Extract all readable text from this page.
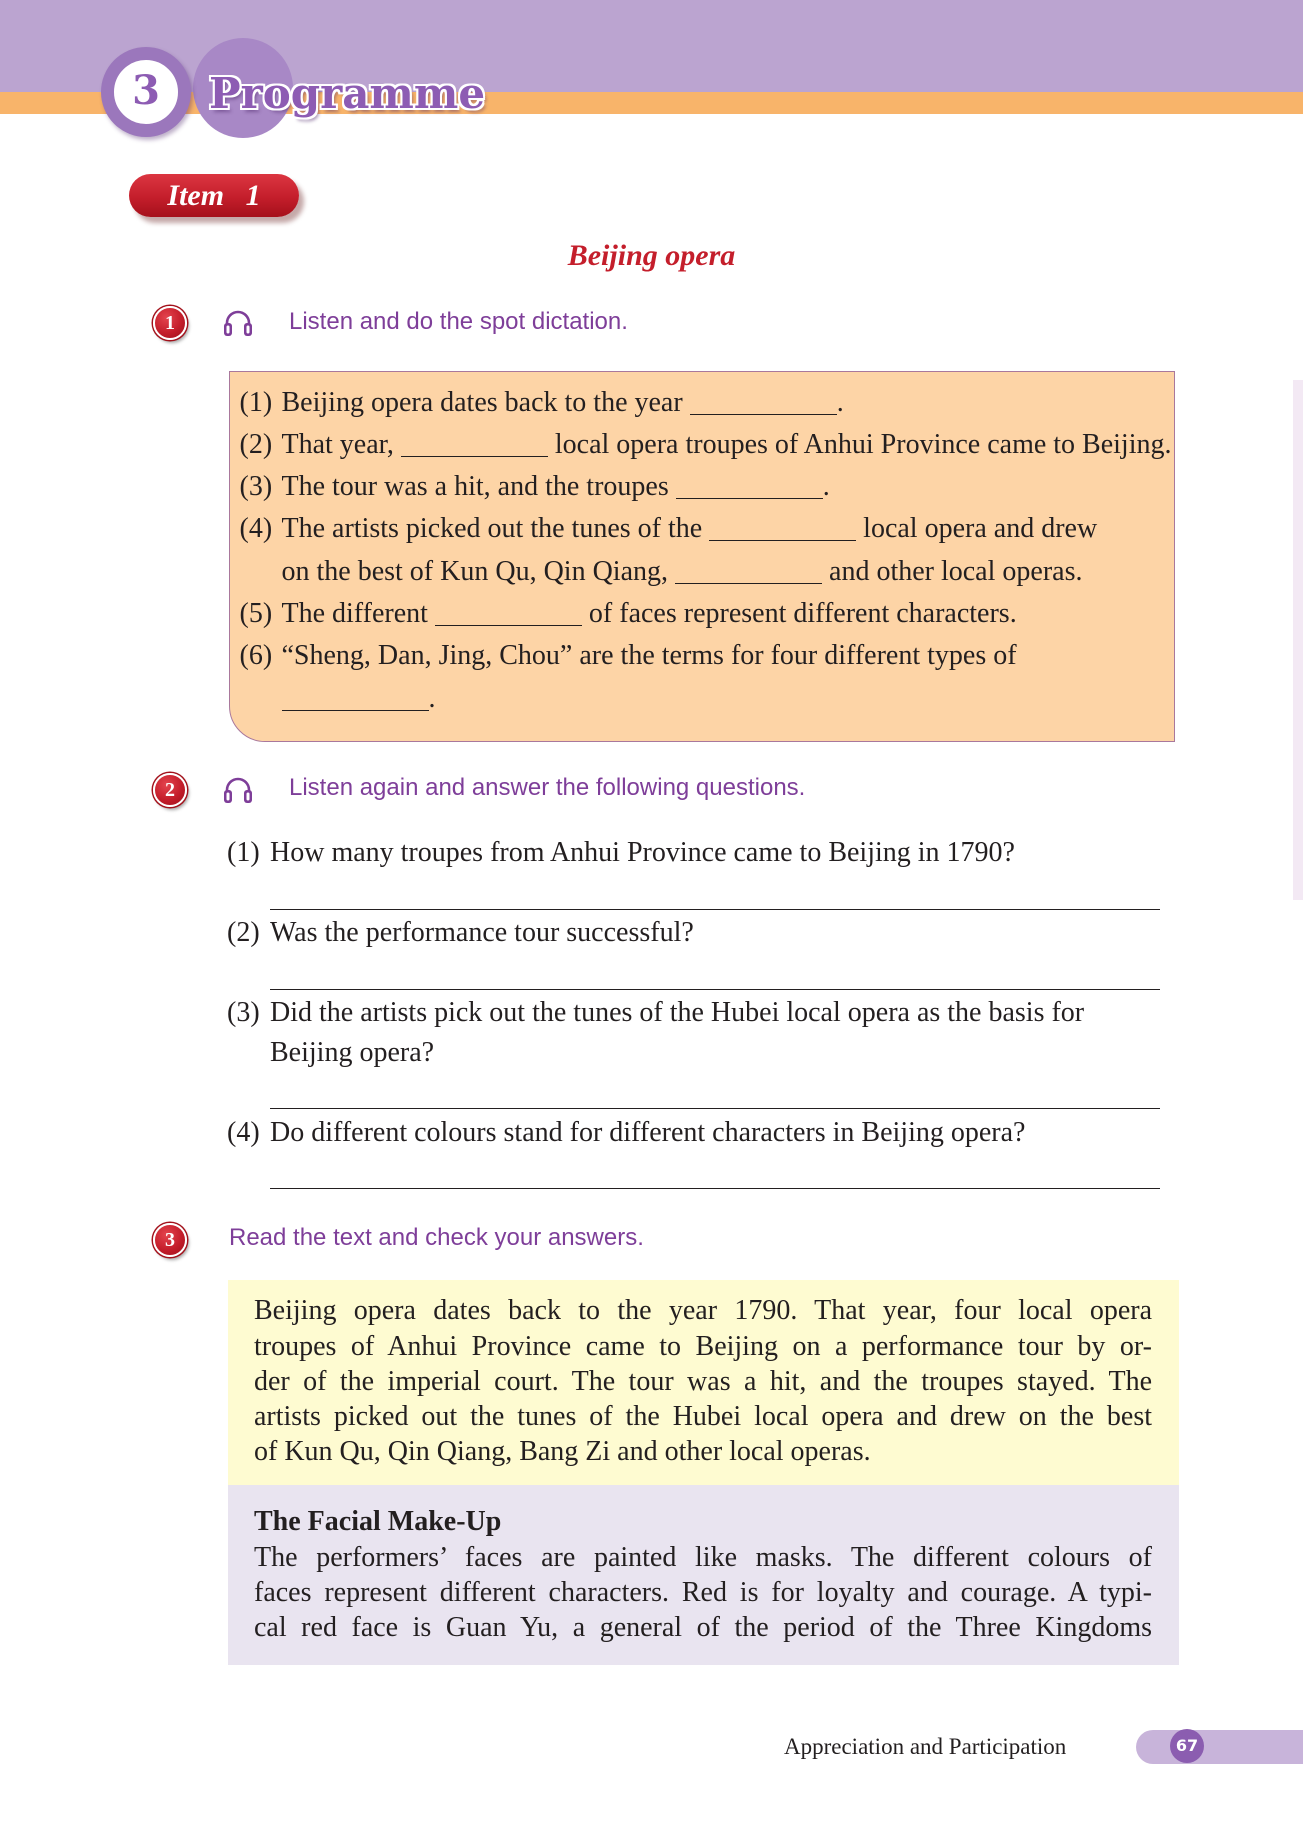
3	Programme
Item 1
Beijing opera
1	Listen and do the spot dictation.
(1) Beijing opera dates back to the year	.
(2) That year,	local opera troupes of Anhui Province came to Beijing.
(3) The tour was a hit, and the troupes	.
(4) The artists picked out the tunes of the	local opera and drew
on the best of Kun Qu, Qin Qiang,	and other local operas.
(5) The different	of faces represent different characters.
(6) “Sheng, Dan, Jing, Chou” are the terms for four different types of
.
2	Listen again and answer the following questions.
(1) How many troupes from Anhui Province came to Beijing in 1790?
(2) Was the performance tour successful?
(3) Did the artists pick out the tunes of the Hubei local opera as the basis for
Beijing opera?
(4) Do different colours stand for different characters in Beijing opera?
3	Read the text and check your answers.
Beijing opera dates back to the year 1790. That year, four local opera
troupes of Anhui Province came to Beijing on a performance tour by or-
der of the imperial court. The tour was a hit, and the troupes stayed. The
artists picked out the tunes of the Hubei local opera and drew on the best
of Kun Qu, Qin Qiang, Bang Zi and other local operas.
The Facial Make-Up
The performers’ faces are painted like masks. The different colours of
faces represent different characters. Red is for loyalty and courage. A typi-
cal red face is Guan Yu, a general of the period of the Three Kingdoms
Appreciation and Participation	67
